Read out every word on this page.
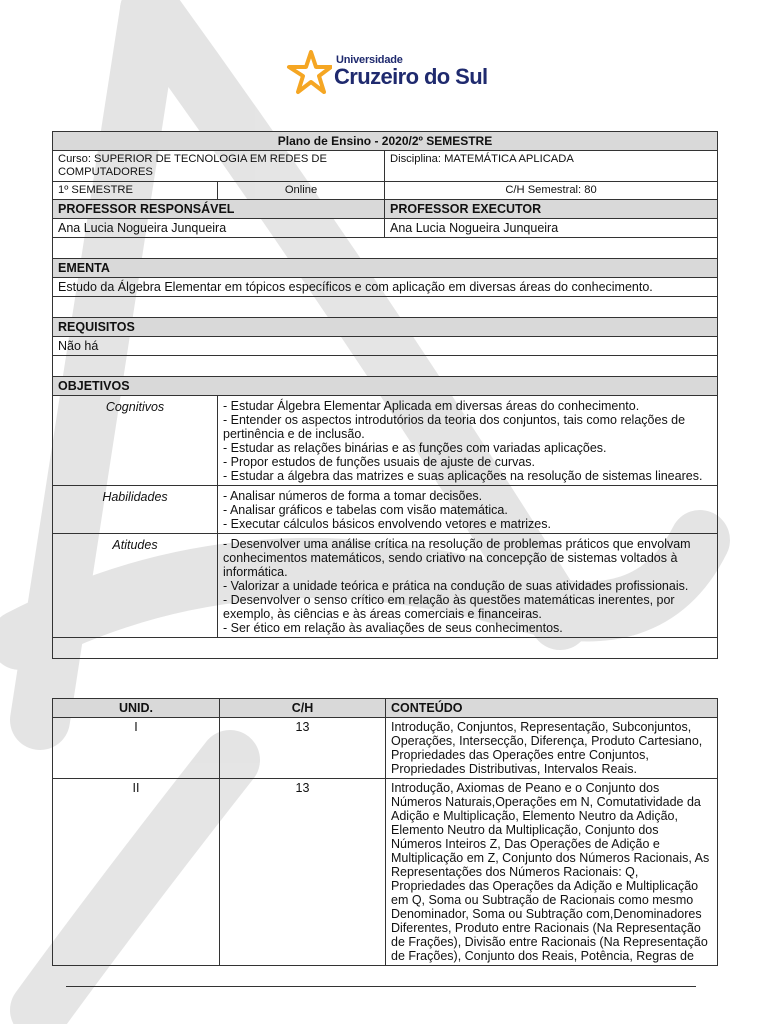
Universidade
Cruzeiro do Sul
Plano de Ensino - 2020/2º SEMESTRE		
Curso: SUPERIOR DE TECNOLOGIA EM REDES DE COMPUTADORES		Disciplina: MATEMÁTICA APLICADA
1º SEMESTRE	Online	C/H Semestral: 80
PROFESSOR RESPONSÁVEL		PROFESSOR EXECUTOR
Ana Lucia Nogueira Junqueira		Ana Lucia Nogueira Junqueira

EMENTA		
Estudo da Álgebra Elementar em tópicos específicos e com aplicação em diversas áreas do conhecimento.		

REQUISITOS		
Não há		

OBJETIVOS		
Cognitivos	- Estudar Álgebra Elementar Aplicada em diversas áreas do conhecimento.
- Entender os aspectos introdutórios da teoria dos conjuntos, tais como relações de pertinência e de inclusão.
- Estudar as relações binárias e as funções com variadas aplicações.
- Propor estudos de funções usuais de ajuste de curvas.
- Estudar a álgebra das matrizes e suas aplicações na resolução de sistemas lineares.	

Habilidades	- Analisar números de forma a tomar decisões.
- Analisar gráficos e tabelas com visão matemática.
- Executar cálculos básicos envolvendo vetores e matrizes.	

Atitudes	- Desenvolver uma análise crítica na resolução de problemas práticos que envolvam conhecimentos matemáticos, sendo criativo na concepção de sistemas voltados à informática.
- Valorizar a unidade teórica e prática na condução de suas atividades profissionais.
- Desenvolver o senso crítico em relação às questões matemáticas inerentes, por exemplo, às ciências e às áreas comerciais e financeiras.
- Ser ético em relação às avaliações de seus conhecimentos.	

UNID.	C/H	CONTEÚDO
I	13	Introdução, Conjuntos, Representação, Subconjuntos, Operações, Intersecção, Diferença, Produto Cartesiano, Propriedades das Operações entre Conjuntos, Propriedades Distributivas, Intervalos Reais.
II	13	Introdução, Axiomas de Peano e o Conjunto dos Números Naturais,Operações em N, Comutatividade da Adição e Multiplicação, Elemento Neutro da Adição, Elemento Neutro da Multiplicação, Conjunto dos Números Inteiros Z, Das Operações de Adição e Multiplicação em Z, Conjunto dos Números Racionais, As Representações dos Números Racionais: Q, Propriedades das Operações da Adição e Multiplicação em Q, Soma ou Subtração de Racionais como mesmo Denominador, Soma ou Subtração com,Denominadores Diferentes, Produto entre Racionais (Na Representação de Frações), Divisão entre Racionais (Na Representação de Frações), Conjunto dos Reais, Potência, Regras de
